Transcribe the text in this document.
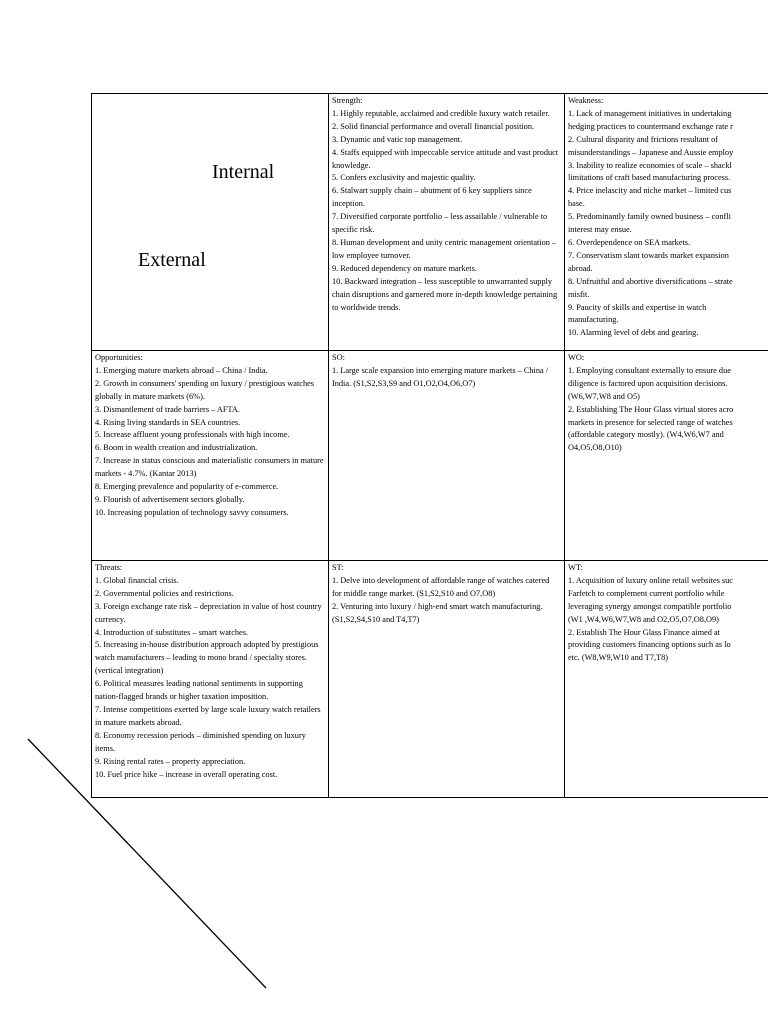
Internal
External
Strength:
1. Highly reputable, acclaimed and credible luxury watch retailer.
2. Solid financial performance and overall financial position.
3. Dynamic and vatic top management.
4. Staffs equipped with impeccable service attitude and vast product knowledge.
5. Confers exclusivity and majestic quality.
6. Stalwart supply chain – abutment of 6 key suppliers since inception.
7. Diversified corporate portfolio – less assailable / vulnerable to specific risk.
8. Human development and unity centric management orientation – low employee turnover.
9. Reduced dependency on mature markets.
10. Backward integration – less susceptible to unwarranted supply chain disruptions and garnered more in-depth knowledge pertaining to worldwide trends.
Weakness:
1. Lack of management initiatives in undertaking
hedging practices to countermand exchange rate r
2. Cultural disparity and frictions resultant of
misunderstandings – Japanese and Aussie employ
3. Inability to realize economies of scale – shackl
limitations of craft based manufacturing process.
4. Price inelascity and niche market – limited cus
base.
5. Predominantly family owned business – confli
interest may ensue.
6. Overdependence on SEA markets.
7. Conservatism slant towards market expansion
abroad.
8. Unfruitful and abortive diversifications – strate
misfit.
9. Paucity of skills and expertise in watch
manufacturing.
10. Alarming level of debt and gearing.
Opportunities:
1. Emerging mature markets abroad – China / India.
2. Growth in consumers' spending on luxury / prestigious watches globally in mature markets (6%).
3. Dismantlement of trade barriers – AFTA.
4. Rising living standards in SEA countries.
5. Increase affluent young professionals with high income.
6. Boom in wealth creation and industrialization.
7. Increase in status conscious and materialistic consumers in mature markets - 4.7%. (Kantar 2013)
8. Emerging prevalence and popularity of e-commerce.
9. Flourish of advertisement sectors globally.
10. Increasing population of technology savvy consumers.
SO:
1. Large scale expansion into emerging mature markets – China / India. (S1,S2,S3,S9 and O1,O2,O4,O6,O7)
WO:
1. Employing consultant externally to ensure due
diligence is factored upon acquisition decisions.
(W6,W7,W8 and O5)
2. Establishing The Hour Glass virtual stores acro
markets in presence for selected range of watches
(affordable category mostly). (W4,W6,W7 and
O4,O5,O8,O10)
Threats:
1. Global financial crisis.
2. Governmental policies and restrictions.
3. Foreign exchange rate risk – depreciation in value of host country currency.
4. Introduction of substitutes – smart watches.
5. Increasing in-house distribution approach adopted by prestigious watch manufacturers – leading to mono brand / specialty stores. (vertical integration)
6. Political measures leading national sentiments in supporting nation-flagged brands or higher taxation imposition.
7. Intense competitions exerted by large scale luxury watch retailers in mature markets abroad.
8. Economy recession periods – diminished spending on luxury items.
9. Rising rental rates – property appreciation.
10. Fuel price hike – increase in overall operating cost.
ST:
1. Delve into development of affordable range of watches catered for middle range market. (S1,S2,S10 and O7,O8)
2. Venturing into luxury / high-end smart watch manufacturing. (S1,S2,S4,S10 and T4,T7)
WT:
1. Acquisition of luxury online retail websites suc
Farfetch to complement current portfolio while
leveraging synergy amongst compatible portfolio
(W1 ,W4,W6,W7,W8 and O2,O5,O7,O8,O9)
2. Establish The Hour Glass Finance aimed at
providing customers financing options such as lo
etc. (W8,W9,W10 and T7,T8)
